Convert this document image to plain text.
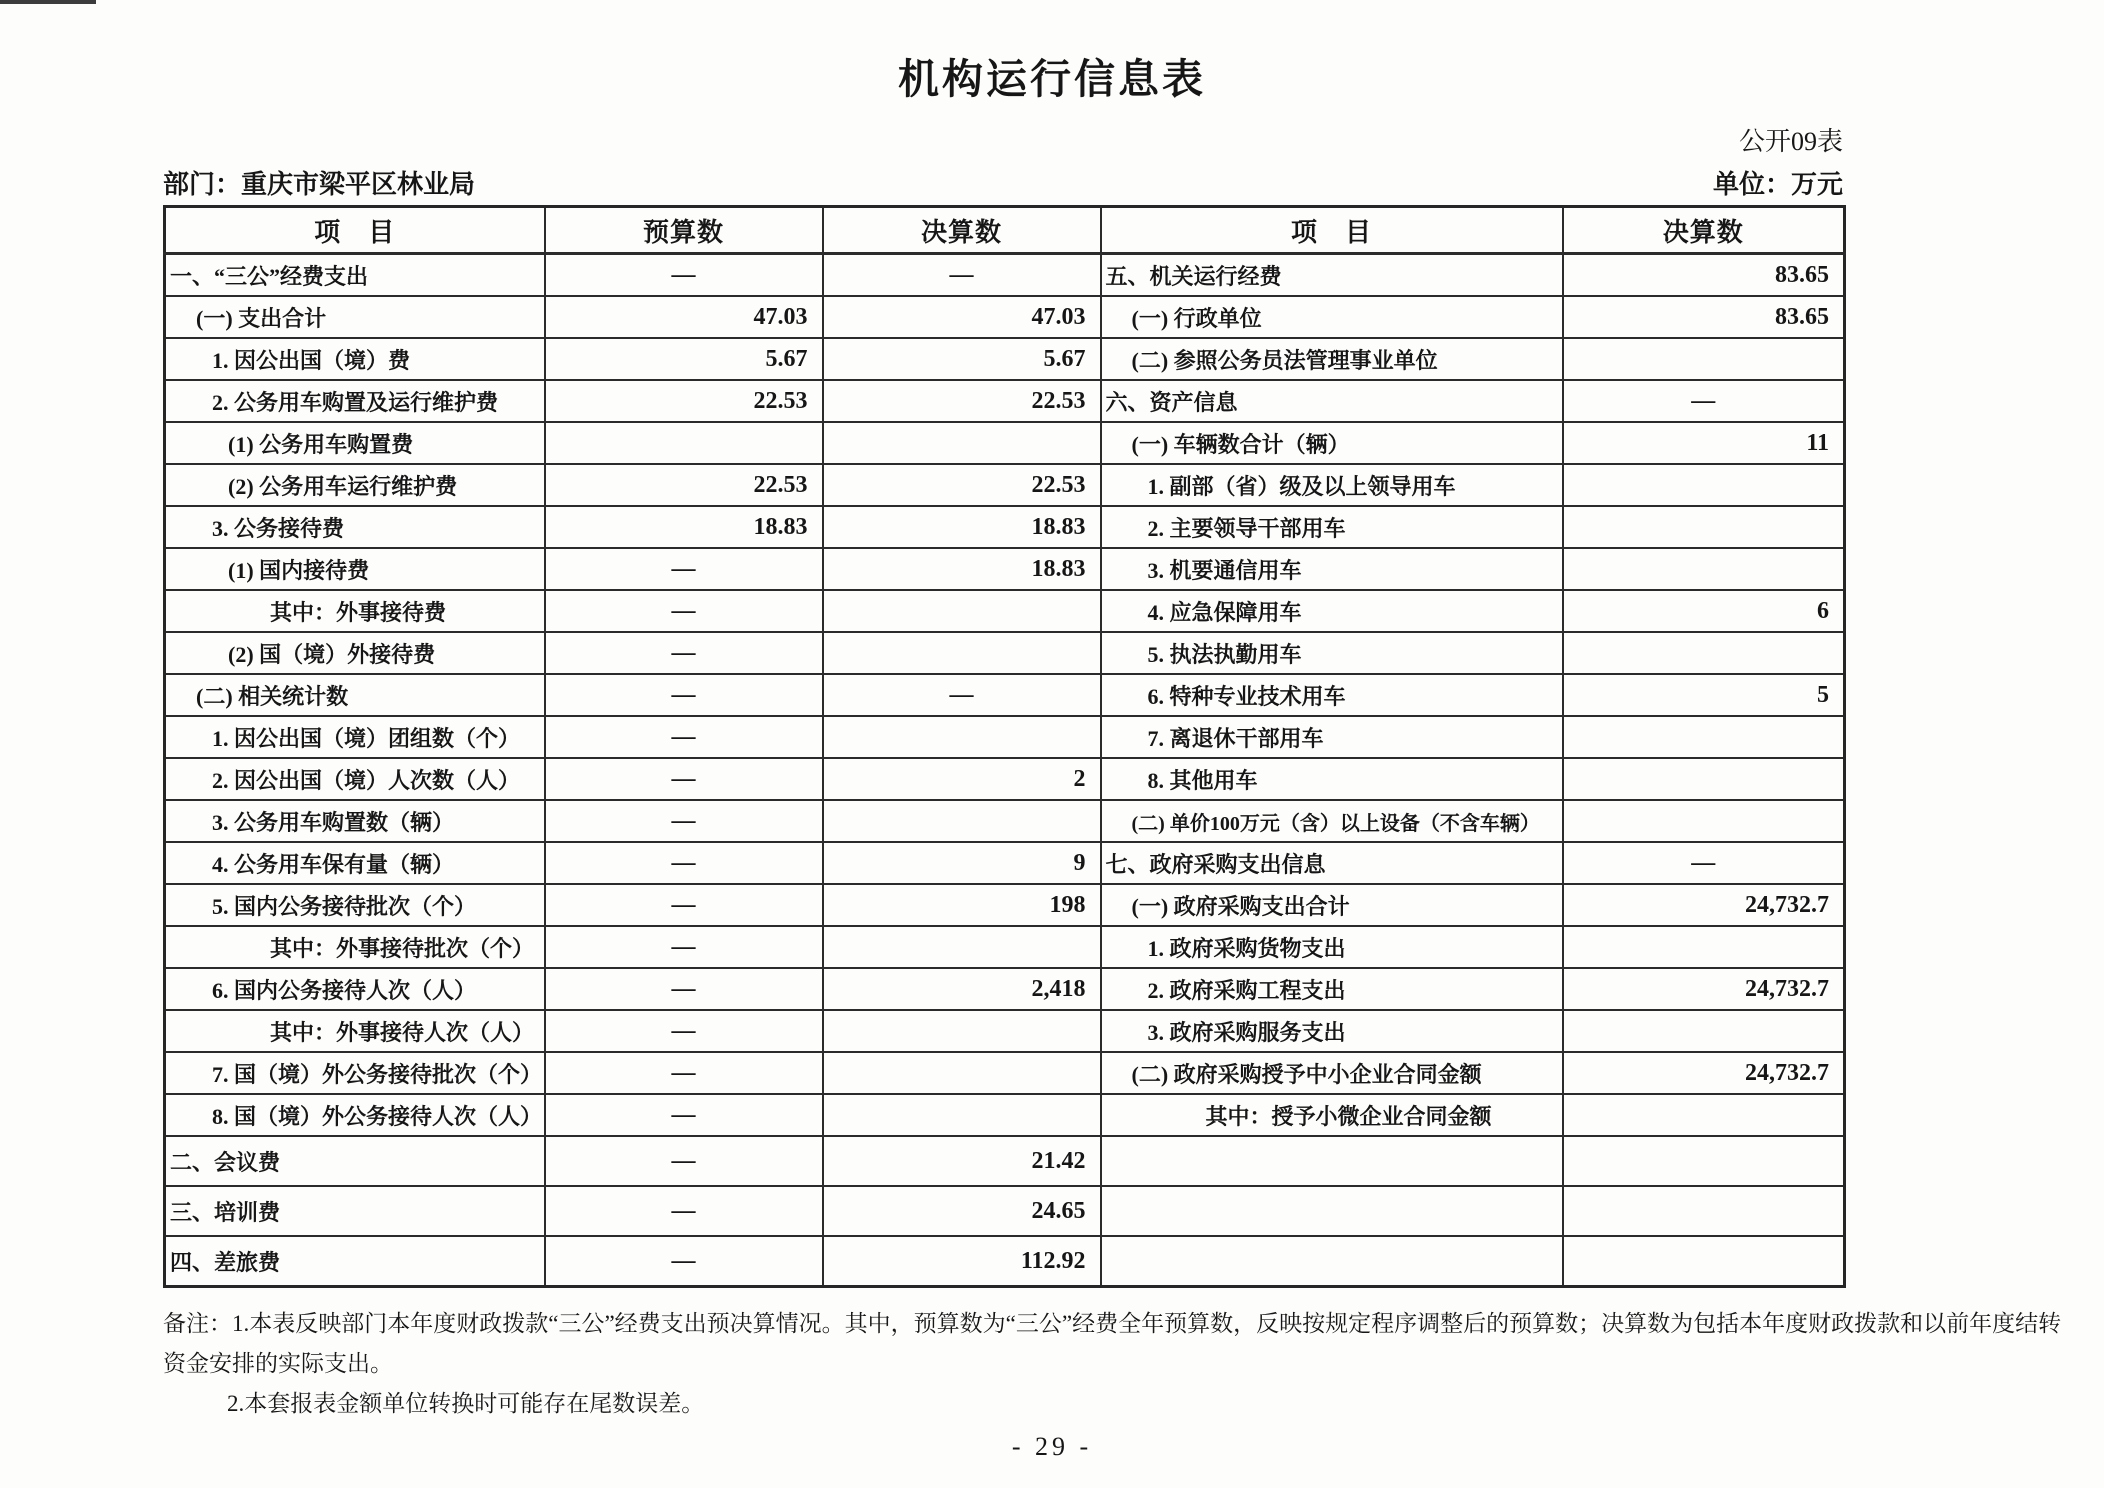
机构运行信息表
公开09表
部门：重庆市梁平区林业局	单位：万元
项　目	预算数	决算数	项　目	决算数
一、“三公”经费支出	—	—	五、机关运行经费	83.65
(一) 支出合计	47.03	47.03	(一) 行政单位	83.65
1. 因公出国（境）费	5.67	5.67	(二) 参照公务员法管理事业单位	
2. 公务用车购置及运行维护费	22.53	22.53	六、资产信息	—
(1) 公务用车购置费			(一) 车辆数合计（辆）	11
(2) 公务用车运行维护费	22.53	22.53	1. 副部（省）级及以上领导用车	
3. 公务接待费	18.83	18.83	2. 主要领导干部用车	
(1) 国内接待费	—	18.83	3. 机要通信用车	
其中：外事接待费	—		4. 应急保障用车	6
(2) 国（境）外接待费	—		5. 执法执勤用车	
(二) 相关统计数	—	—	6. 特种专业技术用车	5
1. 因公出国（境）团组数（个）	—		7. 离退休干部用车	
2. 因公出国（境）人次数（人）	—	2	8. 其他用车	
3. 公务用车购置数（辆）	—		(二) 单价100万元（含）以上设备（不含车辆）	
4. 公务用车保有量（辆）	—	9	七、政府采购支出信息	—
5. 国内公务接待批次（个）	—	198	(一) 政府采购支出合计	24,732.7
其中：外事接待批次（个）	—		1. 政府采购货物支出	
6. 国内公务接待人次（人）	—	2,418	2. 政府采购工程支出	24,732.7
其中：外事接待人次（人）	—		3. 政府采购服务支出	
7. 国（境）外公务接待批次（个）	—		(二) 政府采购授予中小企业合同金额	24,732.7
8. 国（境）外公务接待人次（人）	—		其中：授予小微企业合同金额	
二、会议费	—	21.42		
三、培训费	—	24.65		
四、差旅费	—	112.92		
备注：1.本表反映部门本年度财政拨款“三公”经费支出预决算情况。其中，预算数为“三公”经费全年预算数，反映按规定程序调整后的预算数；决算数为包括本年度财政拨款和以前年度结转
资金安排的实际支出。
2.本套报表金额单位转换时可能存在尾数误差。
- 29 -
